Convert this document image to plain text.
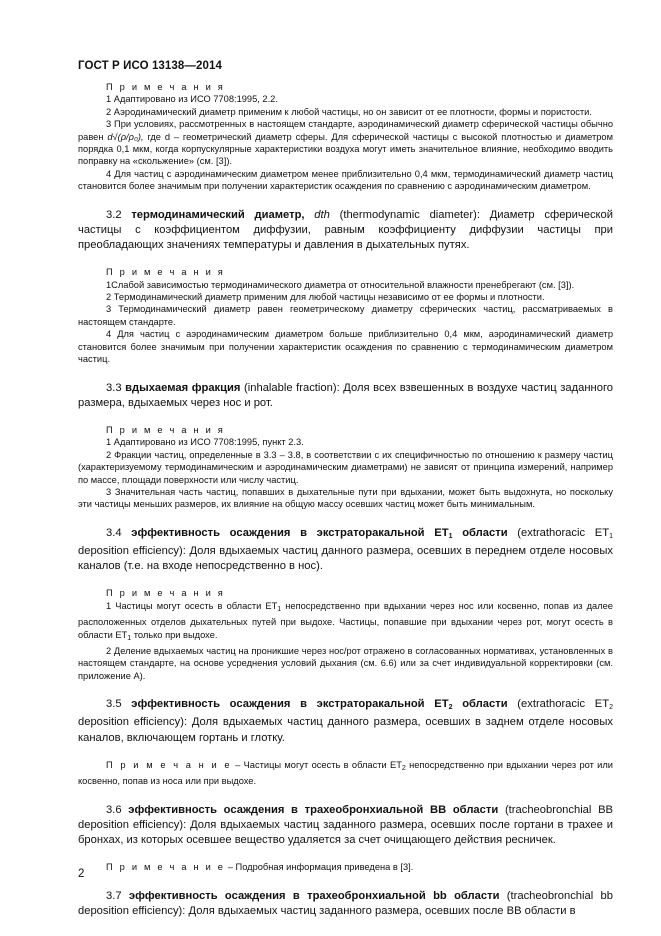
ГОСТ Р ИСО 13138—2014

П р и м е ч а н и я

1 Адаптировано из ИСО 7708:1995, 2.2.

2 Аэродинамический диаметр применим к любой частицы, но он зависит от ее плотности, формы и пористости.

3 При условиях, рассмотренных в настоящем стандарте, аэродинамический диаметр сферической частицы обычно равен d√(ρ/ρ₀), где d – геометрический диаметр сферы. Для сферической частицы с высокой плотностью и диаметром порядка 0,1 мкм, когда корпускулярные характеристики воздуха могут иметь значительное влияние, необходимо вводить поправку на «скольжение» (см. [3]).

4 Для частиц с аэродинамическим диаметром менее приблизительно 0,4 мкм, термодинамический диаметр частиц становится более значимым при получении характеристик осаждения по сравнению с аэродинамическим диаметром.

3.2 термодинамический диаметр, dth (thermodynamic diameter): Диаметр сферической частицы с коэффициентом диффузии, равным коэффициенту диффузии частицы при преобладающих значениях температуры и давления в дыхательных путях.

П р и м е ч а н и я

1Слабой зависимостью термодинамического диаметра от относительной влажности пренебрегают (см. [3]).

2 Термодинамический диаметр применим для любой частицы независимо от ее формы и плотности.

3 Термодинамический диаметр равен геометрическому диаметру сферических частиц, рассматриваемых в настоящем стандарте.

4 Для частиц с аэродинамическим диаметром больше приблизительно 0,4 мкм, аэродинамический диаметр становится более значимым при получении характеристик осаждения по сравнению с термодинамическим диаметром частиц.

3.3 вдыхаемая фракция (inhalable fraction): Доля всех взвешенных в воздухе частиц заданного размера, вдыхаемых через нос и рот.

П р и м е ч а н и я

1 Адаптировано из ИСО 7708:1995, пункт 2.3.

2 Фракции частиц, определенные в 3.3 – 3.8, в соответствии с их специфичностью по отношению к размеру частиц (характеризуемому термодинамическим и аэродинамическим диаметрами) не зависят от принципа измерений, например по массе, площади поверхности или числу частиц.

3 Значительная часть частиц, попавших в дыхательные пути при вдыхании, может быть выдохнута, но поскольку эти частицы меньших размеров, их влияние на общую массу осевших частиц может быть минимальным.

3.4 эффективность осаждения в экстраторакальной $ET_1$ области (extrathoracic $ET_1$ deposition efficiency): Доля вдыхаемых частиц данного размера, осевших в переднем отделе носовых каналов (т.е. на входе непосредственно в нос).

П р и м е ч а н и я

1 Частицы могут осесть в области $ET_1$ непосредственно при вдыхании через нос или косвенно, попав из далее расположенных отделов дыхательных путей при выдохе. Частицы, попавшие при вдыхании через рот, могут осесть в области $ET_1$ только при выдохе.

2 Деление вдыхаемых частиц на проникшие через нос/рот отражено в согласованных нормативах, установленных в настоящем стандарте, на основе усреднения условий дыхания (см. 6.6) или за счет индивидуальной корректировки (см. приложение А).

3.5 эффективность осаждения в экстраторакальной $ET_2$ области (extrathoracic $ET_2$ deposition efficiency): Доля вдыхаемых частиц данного размера, осевших в заднем отделе носовых каналов, включающем гортань и глотку.

П р и м е ч а н и е – Частицы могут осесть в области $ET_2$ непосредственно при вдыхании через рот или косвенно, попав из носа или при выдохе.

3.6 эффективность осаждения в трахеобронхиальной BB области (tracheobronchial BB deposition efficiency): Доля вдыхаемых частиц заданного размера, осевших после гортани в трахее и бронхах, из которых осевшее вещество удаляется за счет очищающего действия ресничек.

П р и м е ч а н и е – Подробная информация приведена в [3].

3.7 эффективность осаждения в трахеобронхиальной bb области (tracheobronchial bb deposition efficiency): Доля вдыхаемых частиц заданного размера, осевших после BB области в

2
